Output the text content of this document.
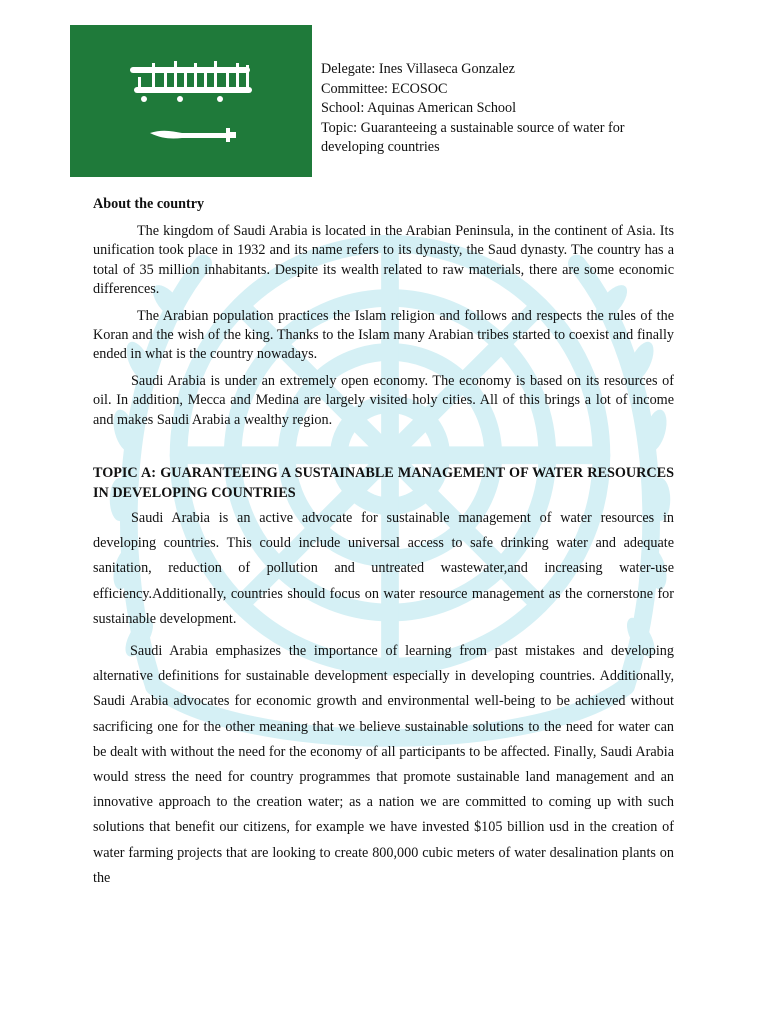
Delegate: Ines Villaseca Gonzalez
Committee: ECOSOC
School: Aquinas American School
Topic: Guaranteeing a sustainable source of water for developing countries
About the country

The kingdom of Saudi Arabia is located in the Arabian Peninsula, in the continent of Asia. Its unification took place in 1932 and its name refers to its dynasty, the Saud dynasty. The country has a total of 35 million inhabitants. Despite its wealth related to raw materials, there are some economic differences.

The Arabian population practices the Islam religion and follows and respects the rules of the Koran and the wish of the king. Thanks to the Islam many Arabian tribes started to coexist and finally ended in what is the country nowadays.

Saudi Arabia is under an extremely open economy. The economy is based on its resources of oil. In addition, Mecca and Medina are largely visited holy cities. All of this brings a lot of income and makes Saudi Arabia a wealthy region.

TOPIC A: GUARANTEEING A SUSTAINABLE MANAGEMENT OF WATER RESOURCES IN DEVELOPING COUNTRIES

Saudi Arabia is an active advocate for sustainable management of water resources in developing countries. This could include universal access to safe drinking water and adequate sanitation, reduction of pollution and untreated wastewater,and increasing water-use efficiency.Additionally, countries should focus on water resource management as the cornerstone for sustainable development.

Saudi Arabia emphasizes the importance of learning from past mistakes and developing alternative definitions for sustainable development especially in developing countries. Additionally, Saudi Arabia advocates for economic growth and environmental well-being to be achieved without sacrificing one for the other meaning that we believe sustainable solutions to the need for water can be dealt with without the need for the economy of all participants to be affected. Finally, Saudi Arabia would stress the need for country programmes that promote sustainable land management and an innovative approach to the creation water; as a nation we are committed to coming up with such solutions that benefit our citizens, for example we have invested $105 billion usd in the creation of water farming projects that are looking to create 800,000 cubic meters of water desalination plants on the
